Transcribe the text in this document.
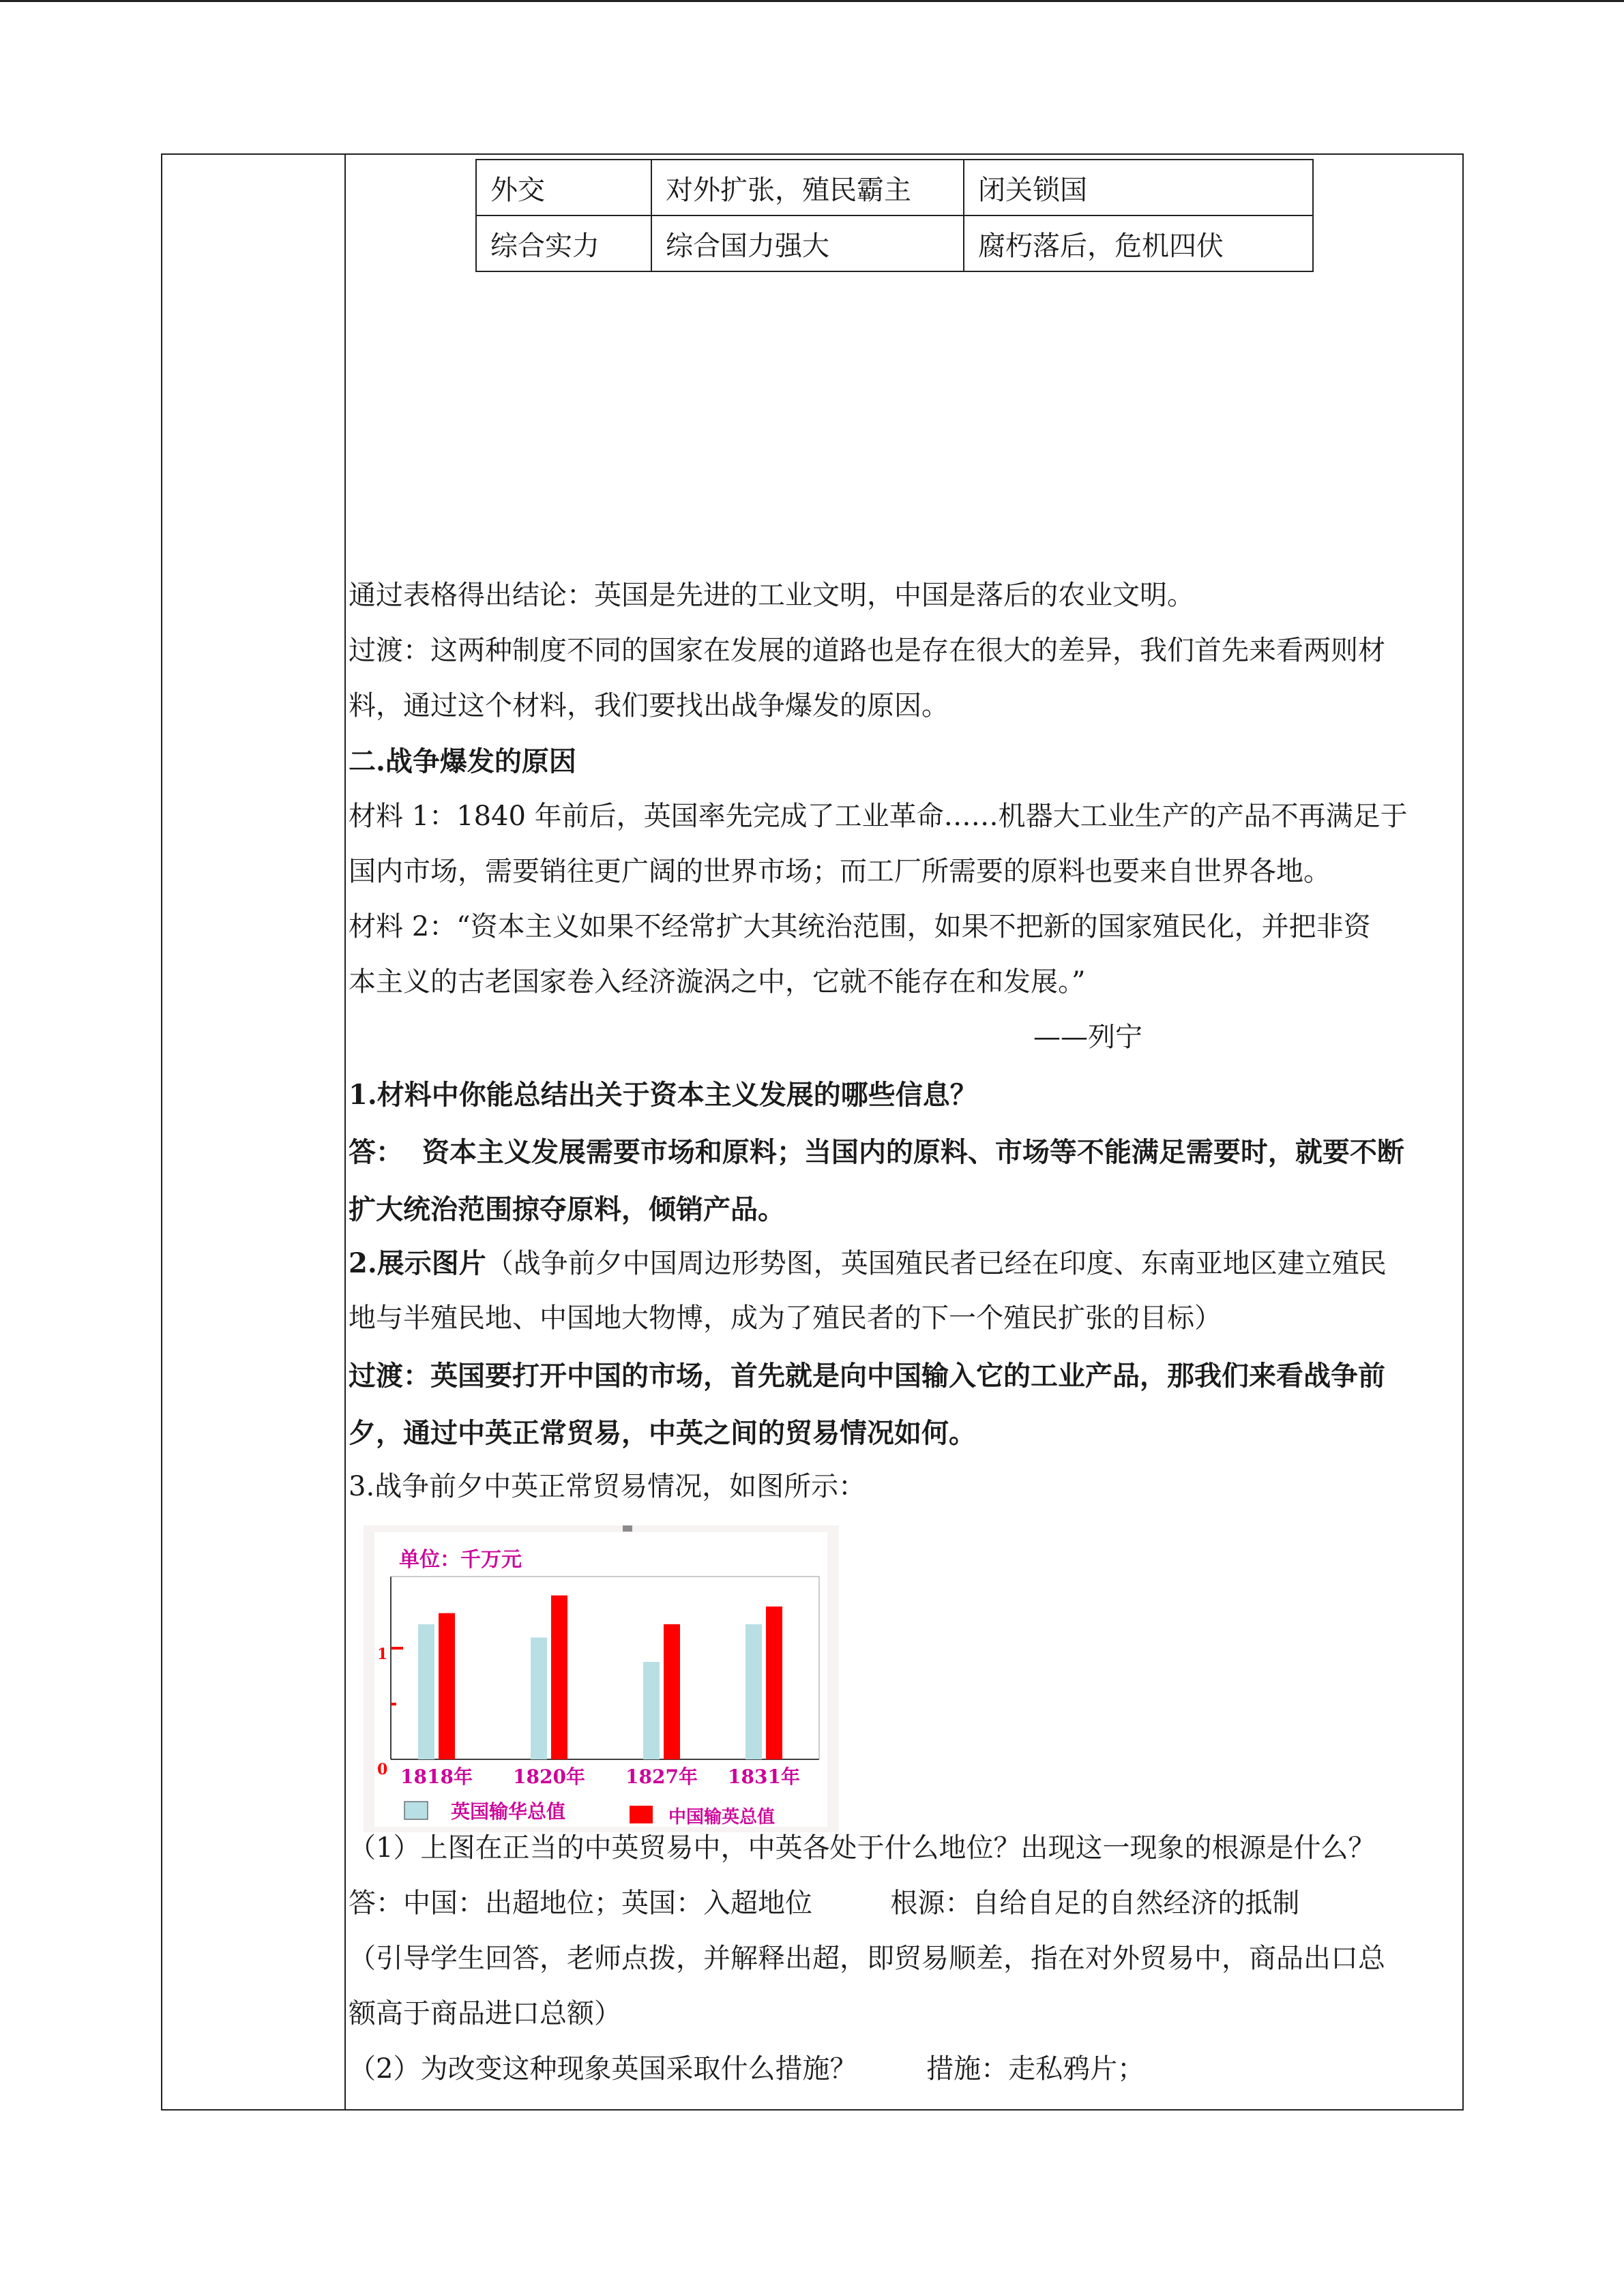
外交	对外扩张，殖民霸主	闭关锁国
综合实力	综合国力强大	腐朽落后，危机四伏
通过表格得出结论：英国是先进的工业文明，中国是落后的农业文明。
过渡：这两种制度不同的国家在发展的道路也是存在很大的差异，我们首先来看两则材
料，通过这个材料，我们要找出战争爆发的原因。
二.战争爆发的原因
材料 1：1840 年前后，英国率先完成了工业革命……机器大工业生产的产品不再满足于
国内市场，需要销往更广阔的世界市场；而工厂所需要的原料也要来自世界各地。
材料 2：“资本主义如果不经常扩大其统治范围，如果不把新的国家殖民化，并把非资
本主义的古老国家卷入经济漩涡之中，它就不能存在和发展。”
——列宁
1.材料中你能总结出关于资本主义发展的哪些信息？
答：  资本主义发展需要市场和原料；当国内的原料、市场等不能满足需要时，就要不断
扩大统治范围掠夺原料，倾销产品。
2.展示图片（战争前夕中国周边形势图，英国殖民者已经在印度、东南亚地区建立殖民
地与半殖民地、中国地大物博，成为了殖民者的下一个殖民扩张的目标）
过渡：英国要打开中国的市场，首先就是向中国输入它的工业产品，那我们来看战争前
夕，通过中英正常贸易，中英之间的贸易情况如何。
3.战争前夕中英正常贸易情况，如图所示：
单位：千万元
1
0 1818年 1820年 1827年 1831年
英国输华总值	中国输英总值
（1）上图在正当的中英贸易中，中英各处于什么地位？出现这一现象的根源是什么？
答：中国：出超地位；英国：入超地位         根源：自给自足的自然经济的抵制
（引导学生回答，老师点拨，并解释出超，即贸易顺差，指在对外贸易中，商品出口总
额高于商品进口总额）
（2）为改变这种现象英国采取什么措施？        措施：走私鸦片；
